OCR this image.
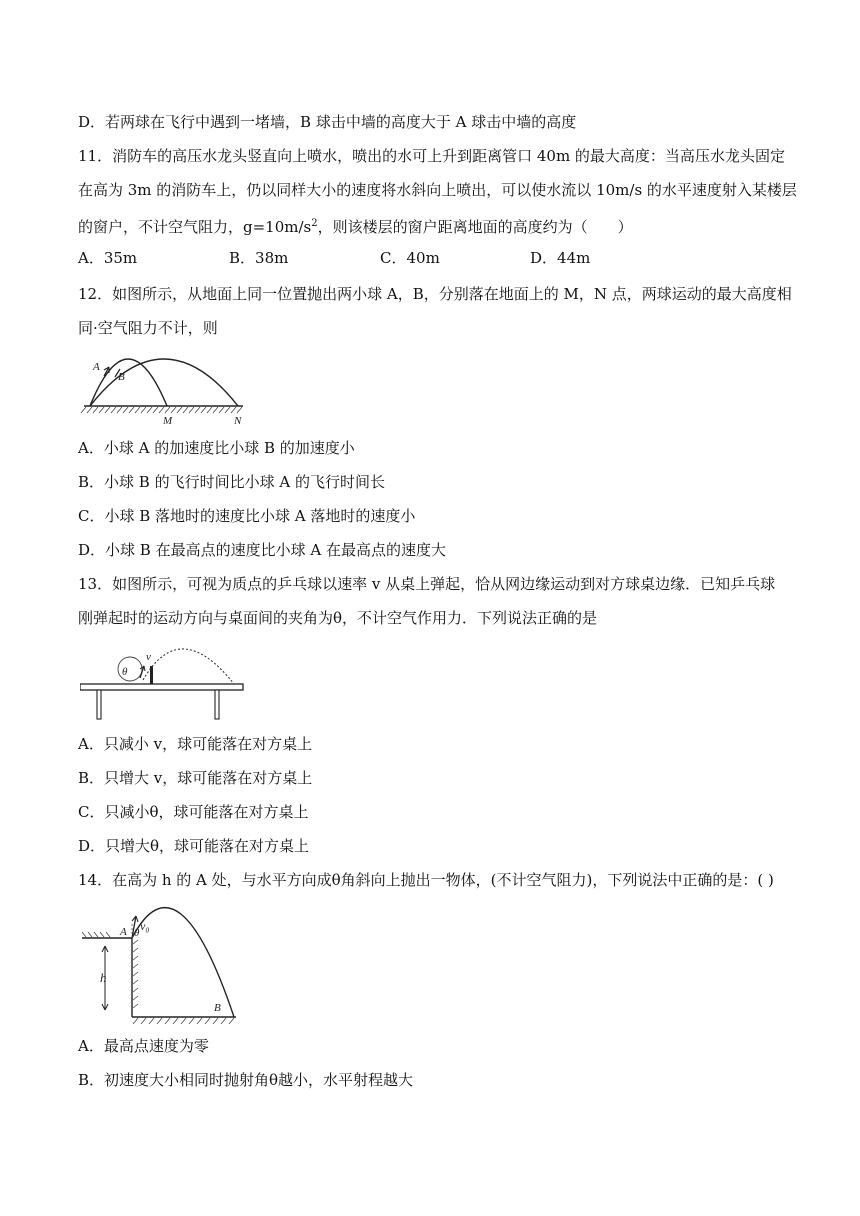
D．若两球在飞行中遇到一堵墙，B 球击中墙的高度大于 A 球击中墙的高度
11．消防车的高压水龙头竖直向上喷水，喷出的水可上升到距离管口 40m 的最大高度：当高压水龙头固定
在高为 3m 的消防车上，仍以同样大小的速度将水斜向上喷出，可以使水流以 10m/s 的水平速度射入某楼层
的窗户，不计空气阻力，$g=10m/s^2$，则该楼层的窗户距离地面的高度约为（　　）
A．35m	B．38m	C．40m	D．44m
12．如图所示，从地面上同一位置抛出两小球 A，B，分别落在地面上的 M，N 点，两球运动的最大高度相
同·空气阻力不计，则
A
B
M	N
A．小球 A 的加速度比小球 B 的加速度小
B．小球 B 的飞行时间比小球 A 的飞行时间长
C．小球 B 落地时的速度比小球 A 落地时的速度小
D．小球 B 在最高点的速度比小球 A 在最高点的速度大
13．如图所示，可视为质点的乒乓球以速率 v 从桌上弹起，恰从网边缘运动到对方球桌边缘．已知乒乓球
刚弹起时的运动方向与桌面间的夹角为θ，不计空气作用力．下列说法正确的是
v
θ
A．只减小 v，球可能落在对方桌上
B．只增大 v，球可能落在对方桌上
C．只减小θ，球可能落在对方桌上
D．只增大θ，球可能落在对方桌上
14．在高为 h 的 A 处，与水平方向成θ角斜向上抛出一物体，(不计空气阻力)，下列说法中正确的是：( )
A v₀
θ
h
B
A．最高点速度为零
B．初速度大小相同时抛射角θ越小，水平射程越大
